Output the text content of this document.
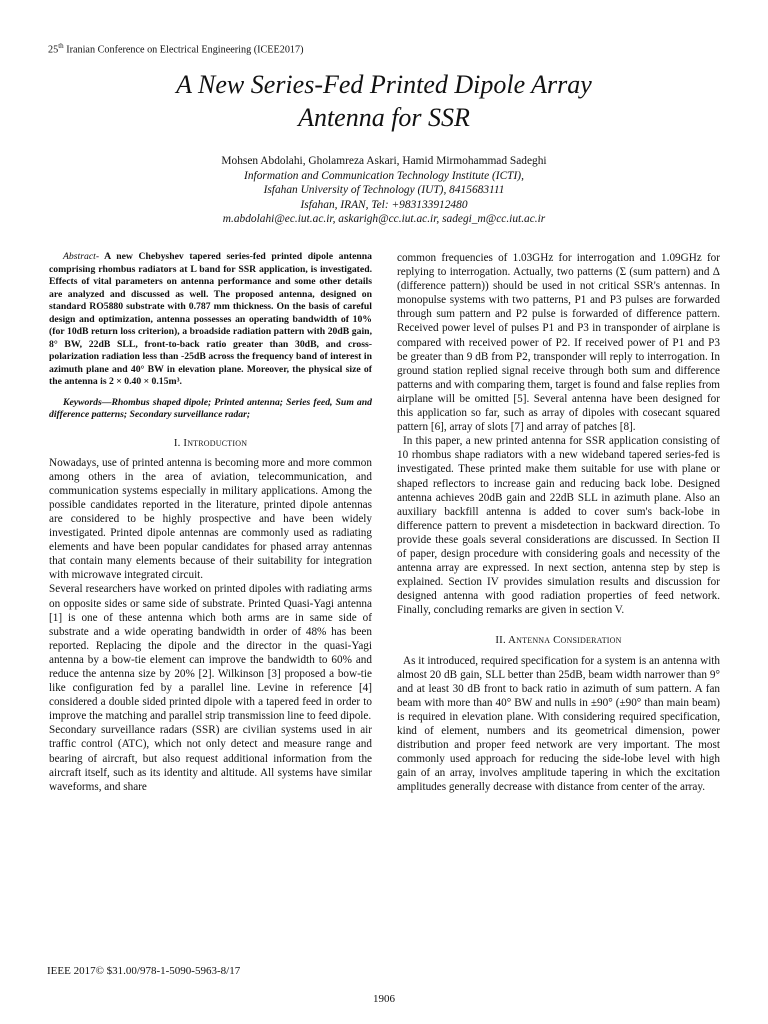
25th Iranian Conference on Electrical Engineering (ICEE2017)
A New Series-Fed Printed Dipole Array
Antenna for SSR
Mohsen Abdolahi, Gholamreza Askari, Hamid Mirmohammad Sadeghi
Information and Communication Technology Institute (ICTI),
Isfahan University of Technology (IUT), 8415683111
Isfahan, IRAN, Tel: +983133912480
m.abdolahi@ec.iut.ac.ir, askarigh@cc.iut.ac.ir, sadegi_m@cc.iut.ac.ir

Abstract- A new Chebyshev tapered series-fed printed dipole antenna comprising rhombus radiators at L band for SSR application, is investigated. Effects of vital parameters on antenna performance and some other details are analyzed and discussed as well. The proposed antenna, designed on standard RO5880 substrate with 0.787 mm thickness. On the basis of careful design and optimization, antenna possesses an operating bandwidth of 10% (for 10dB return loss criterion), a broadside radiation pattern with 20dB gain, 8° BW, 22dB SLL, front-to-back ratio greater than 30dB, and cross-polarization radiation less than -25dB across the frequency band of interest in azimuth plane and 40° BW in elevation plane. Moreover, the physical size of the antenna is 2 × 0.40 × 0.15m³.

Keywords—Rhombus shaped dipole; Printed antenna; Series feed, Sum and difference patterns; Secondary surveillance radar;

I. Introduction

Nowadays, use of printed antenna is becoming more and more common among others in the area of aviation, telecommunication, and communication systems especially in military applications. Among the possible candidates reported in the literature, printed dipole antennas are considered to be highly prospective and have been widely investigated. Printed dipole antennas are commonly used as radiating elements and have been popular candidates for phased array antennas that contain many elements because of their suitability for integration with microwave integrated circuit.

Several researchers have worked on printed dipoles with radiating arms on opposite sides or same side of substrate. Printed Quasi-Yagi antenna [1] is one of these antenna which both arms are in same side of substrate and a wide operating bandwidth in order of 48% has been reported. Replacing the dipole and the director in the quasi-Yagi antenna by a bow-tie element can improve the bandwidth to 60% and reduce the antenna size by 20% [2]. Wilkinson [3] proposed a bow-tie like configuration fed by a parallel line. Levine in reference [4] considered a double sided printed dipole with a tapered feed in order to improve the matching and parallel strip transmission line to feed dipole.

Secondary surveillance radars (SSR) are civilian systems used in air traffic control (ATC), which not only detect and measure range and bearing of aircraft, but also request additional information from the aircraft itself, such as its identity and altitude. All systems have similar waveforms, and share

common frequencies of 1.03GHz for interrogation and 1.09GHz for replying to interrogation. Actually, two patterns (Σ (sum pattern) and Δ (difference pattern)) should be used in not critical SSR's antennas. In monopulse systems with two patterns, P1 and P3 pulses are forwarded through sum pattern and P2 pulse is forwarded of difference pattern. Received power level of pulses P1 and P3 in transponder of airplane is compared with received power of P2. If received power of P1 and P3 be greater than 9 dB from P2, transponder will reply to interrogation. In ground station replied signal receive through both sum and difference patterns and with comparing them, target is found and false replies from airplane will be omitted [5]. Several antenna have been designed for this application so far, such as array of dipoles with cosecant squared pattern [6], array of slots [7] and array of patches [8].

In this paper, a new printed antenna for SSR application consisting of 10 rhombus shape radiators with a new wideband tapered series-fed is investigated. These printed make them suitable for use with plane or shaped reflectors to increase gain and reducing back lobe. Designed antenna achieves 20dB gain and 22dB SLL in azimuth plane. Also an auxiliary backfill antenna is added to cover sum's back-lobe in difference pattern to prevent a misdetection in backward direction. To provide these goals several considerations are discussed. In Section II of paper, design procedure with considering goals and necessity of the antenna array are expressed. In next section, antenna step by step is explained. Section IV provides simulation results and discussion for designed antenna with good radiation properties of feed network. Finally, concluding remarks are given in section V.

II. Antenna Consideration

As it introduced, required specification for a system is an antenna with almost 20 dB gain, SLL better than 25dB, beam width narrower than 9° and at least 30 dB front to back ratio in azimuth of sum pattern. A fan beam with more than 40° BW and nulls in ±90° (±90° than main beam) is required in elevation plane. With considering required specification, kind of element, numbers and its geometrical dimension, power distribution and proper feed network are very important. The most commonly used approach for reducing the side-lobe level with high gain of an array, involves amplitude tapering in which the excitation amplitudes generally decrease with distance from center of the array.

IEEE 2017© $31.00/978-1-5090-5963-8/17
1906
